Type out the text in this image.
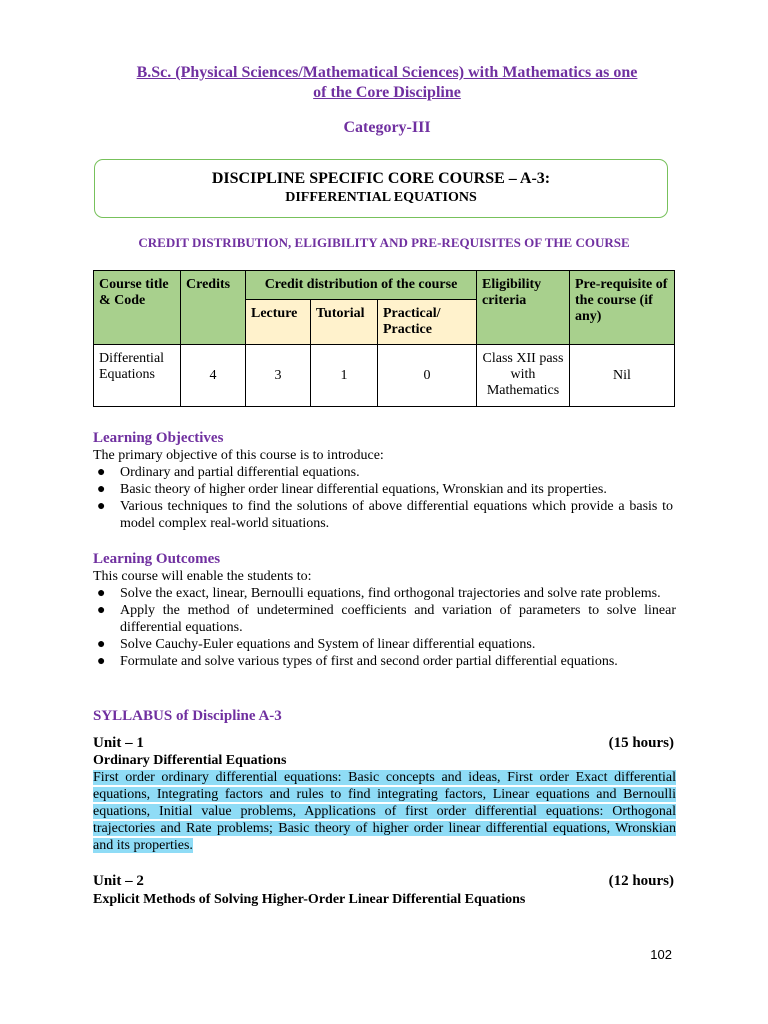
B.Sc. (Physical Sciences/Mathematical Sciences) with Mathematics as one
of the Core Discipline
Category-III
DISCIPLINE SPECIFIC CORE COURSE – A-3:
DIFFERENTIAL EQUATIONS
CREDIT DISTRIBUTION, ELIGIBILITY AND PRE-REQUISITES OF THE COURSE
Course title & Code	Credits	Credit distribution of the course			Eligibility criteria	Pre-requisite of the course (if any)
		Lecture	Tutorial	Practical/ Practice		
Differential Equations	4	3	1	0	Class XII pass with Mathematics	Nil
Learning Objectives
The primary objective of this course is to introduce:
● Ordinary and partial differential equations.
● Basic theory of higher order linear differential equations, Wronskian and its properties.
● Various techniques to find the solutions of above differential equations which provide a basis to model complex real-world situations.
Learning Outcomes
This course will enable the students to:
● Solve the exact, linear, Bernoulli equations, find orthogonal trajectories and solve rate problems.
● Apply the method of undetermined coefficients and variation of parameters to solve linear differential equations.
● Solve Cauchy-Euler equations and System of linear differential equations.
● Formulate and solve various types of first and second order partial differential equations.
SYLLABUS of Discipline A-3
Unit – 1	(15 hours)
Ordinary Differential Equations
First order ordinary differential equations: Basic concepts and ideas, First order Exact differential equations, Integrating factors and rules to find integrating factors, Linear equations and Bernoulli equations, Initial value problems, Applications of first order differential equations: Orthogonal trajectories and Rate problems; Basic theory of higher order linear differential equations, Wronskian and its properties.
Unit – 2	(12 hours)
Explicit Methods of Solving Higher-Order Linear Differential Equations
102
